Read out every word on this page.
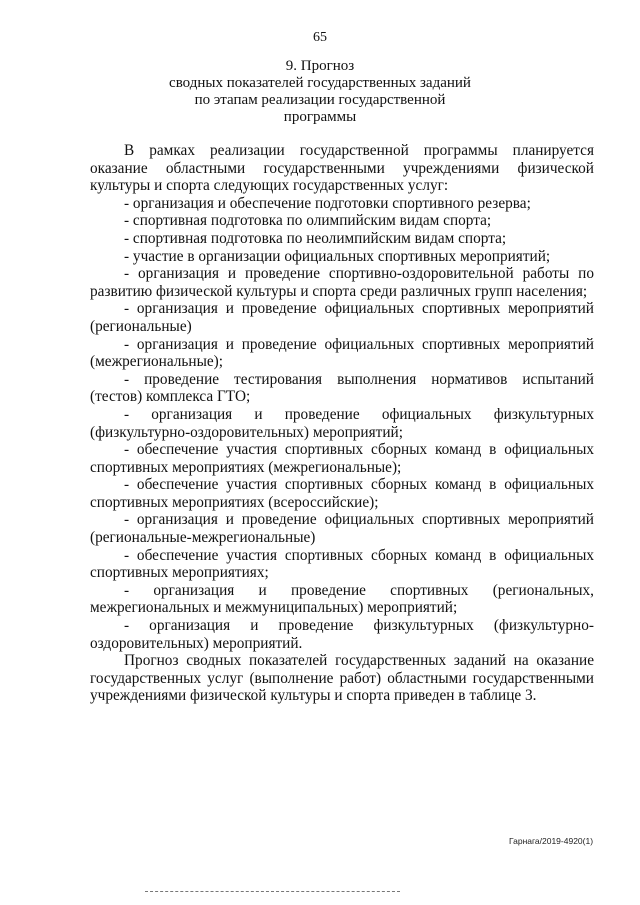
65
9. Прогноз
сводных показателей государственных заданий
по этапам реализации государственной
программы

В рамках реализации государственной программы планируется оказание областными государственными учреждениями физической культуры и спорта следующих государственных услуг:

- организация и обеспечение подготовки спортивного резерва;

- спортивная подготовка по олимпийским видам спорта;

- спортивная подготовка по неолимпийским видам спорта;

- участие в организации официальных спортивных мероприятий;

- организация и проведение спортивно-оздоровительной работы по развитию физической культуры и спорта среди различных групп населения;

- организация и проведение официальных спортивных мероприятий (региональные)

- организация и проведение официальных спортивных мероприятий (межрегиональные);

- проведение тестирования выполнения нормативов испытаний (тестов) комплекса ГТО;

- организация и проведение официальных физкультурных (физкультурно-оздоровительных) мероприятий;

- обеспечение участия спортивных сборных команд в официальных спортивных мероприятиях (межрегиональные);

- обеспечение участия спортивных сборных команд в официальных спортивных мероприятиях (всероссийские);

- организация и проведение официальных спортивных мероприятий (региональные-межрегиональные)

- обеспечение участия спортивных сборных команд в официальных спортивных мероприятиях;

- организация и проведение спортивных (региональных, межрегиональных и межмуниципальных) мероприятий;

- организация и проведение физкультурных (физкультурно-оздоровительных) мероприятий.

Прогноз сводных показателей государственных заданий на оказание государственных услуг (выполнение работ) областными государственными учреждениями физической культуры и спорта приведен в таблице 3.

Гарнага/2019-4920(1)
